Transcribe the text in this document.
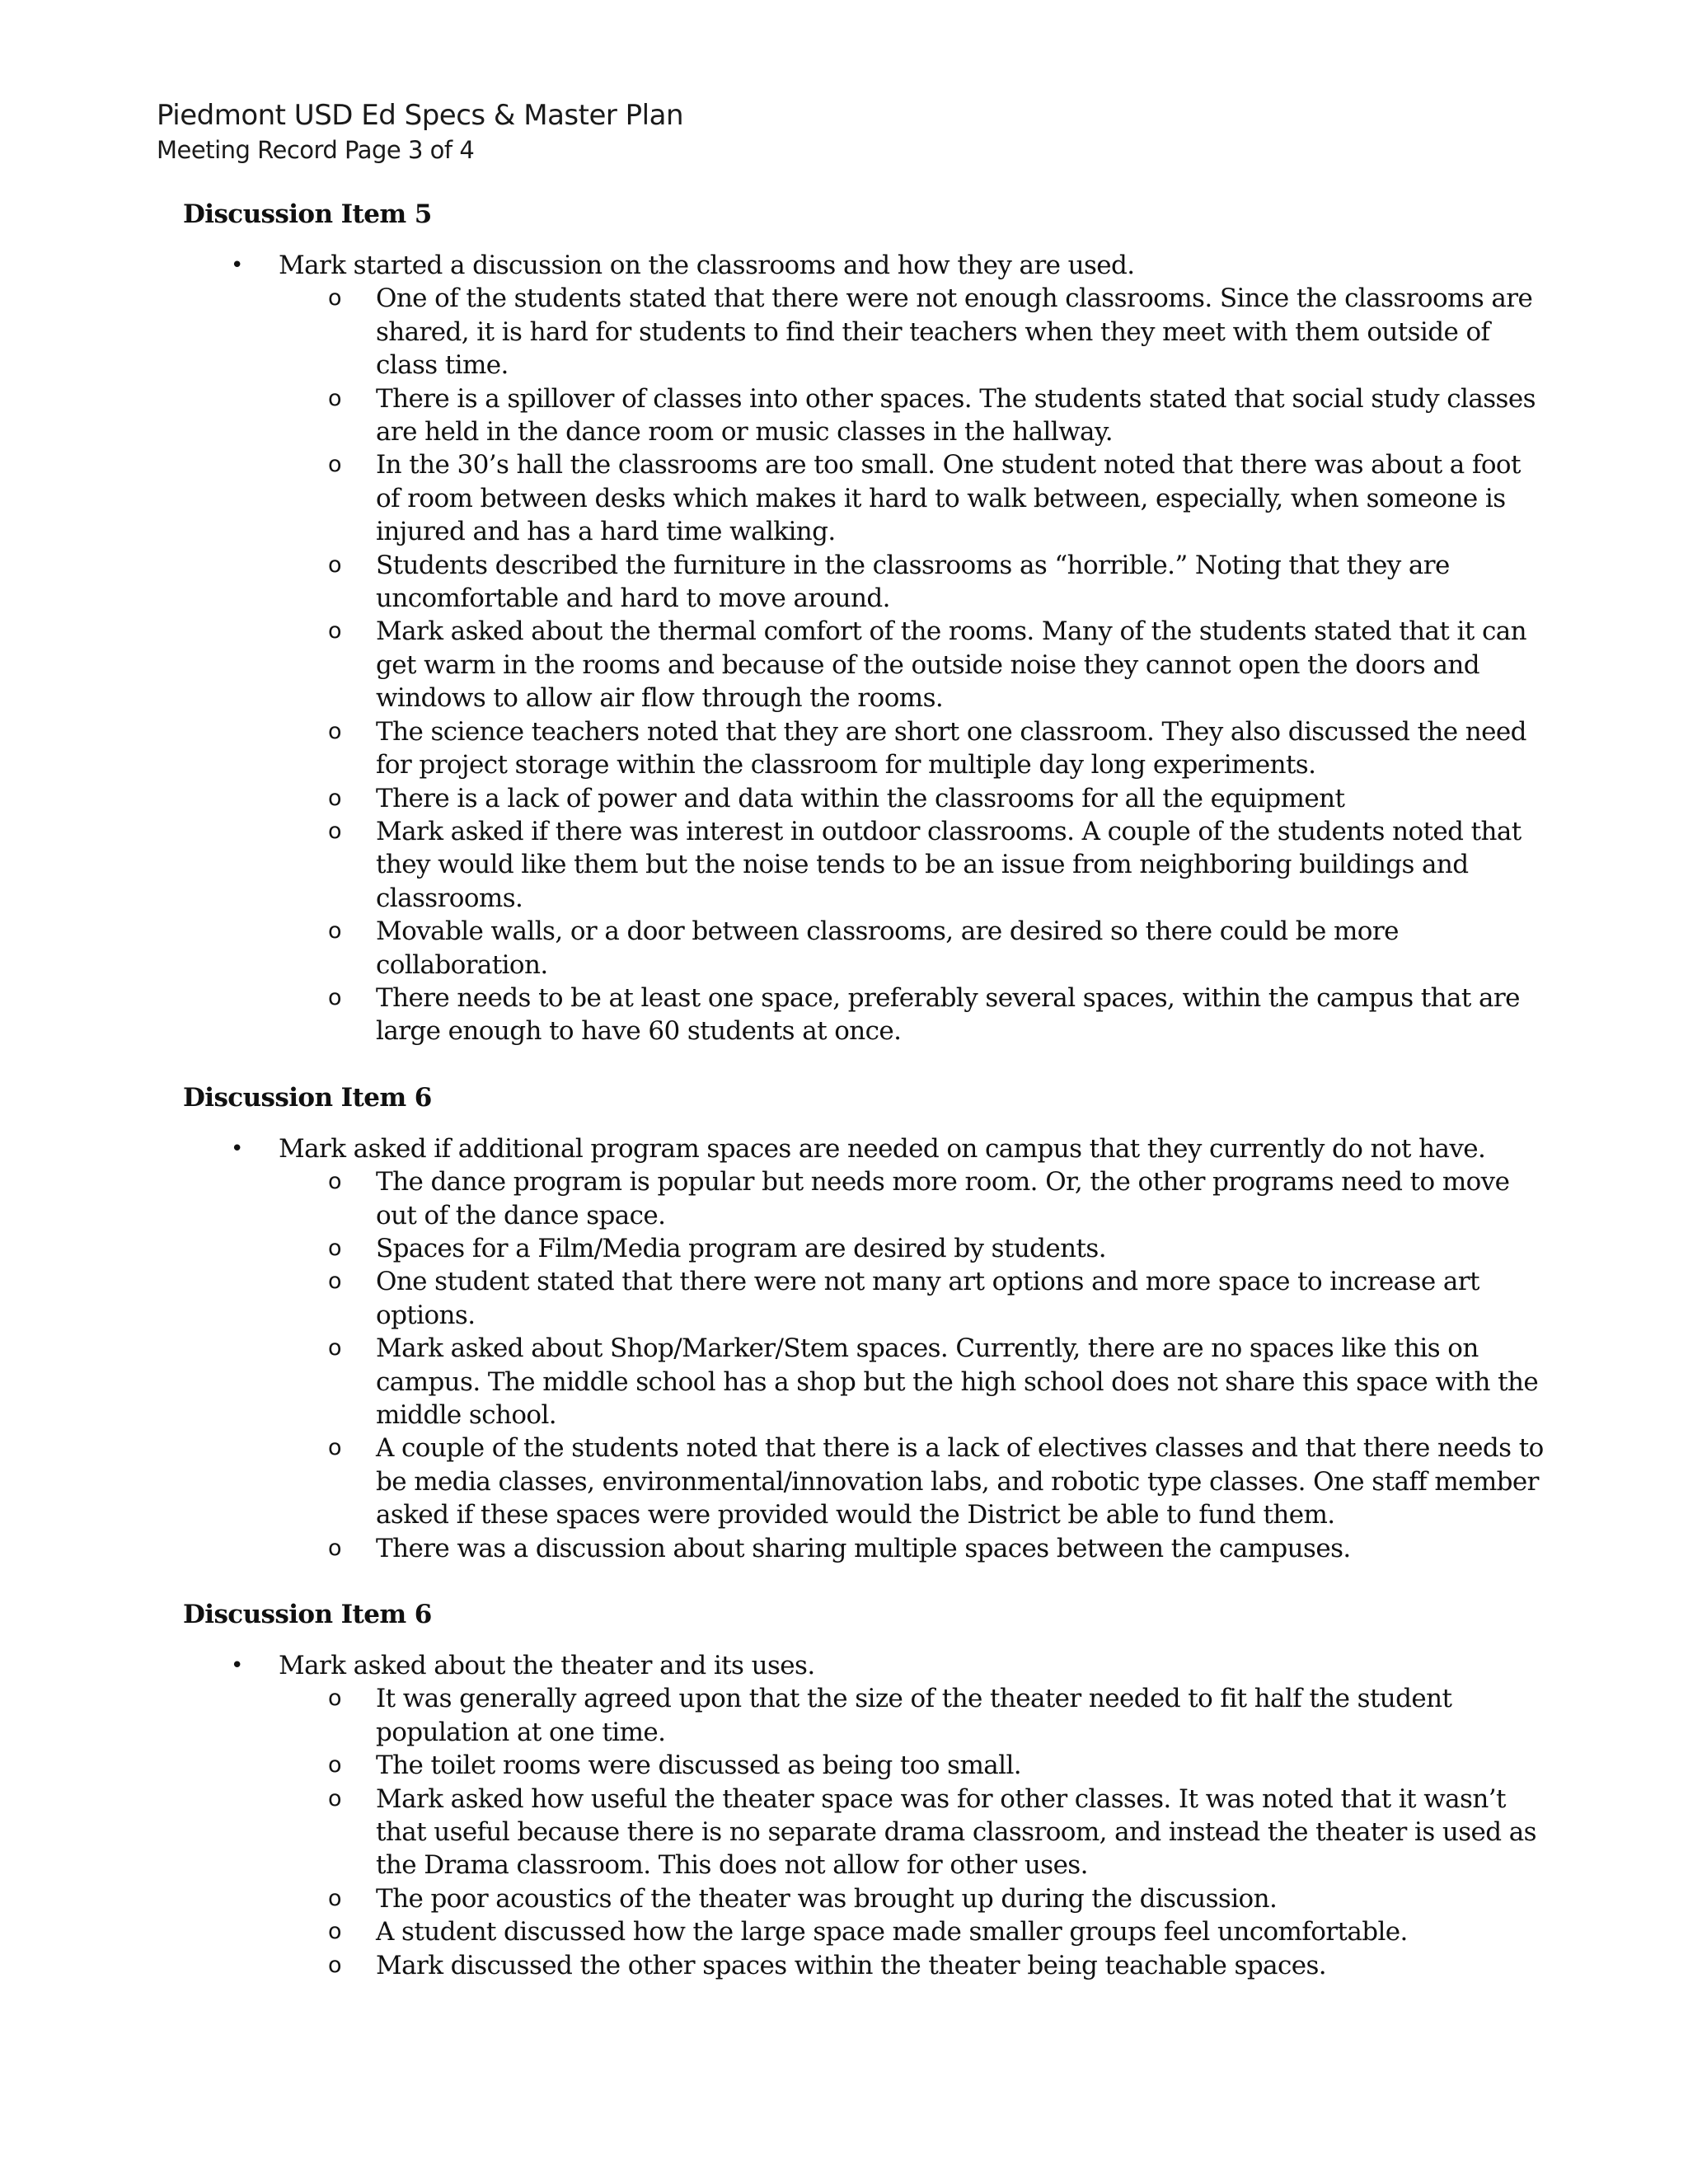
Piedmont USD Ed Specs & Master Plan
Meeting Record Page 3 of 4
Discussion Item 5
• Mark started a discussion on the classrooms and how they are used.
o One of the students stated that there were not enough classrooms. Since the classrooms are shared, it is hard for students to find their teachers when they meet with them outside of class time.
o There is a spillover of classes into other spaces. The students stated that social study classes are held in the dance room or music classes in the hallway.
o In the 30’s hall the classrooms are too small. One student noted that there was about a foot of room between desks which makes it hard to walk between, especially, when someone is injured and has a hard time walking.
o Students described the furniture in the classrooms as “horrible.” Noting that they are uncomfortable and hard to move around.
o Mark asked about the thermal comfort of the rooms. Many of the students stated that it can get warm in the rooms and because of the outside noise they cannot open the doors and windows to allow air flow through the rooms.
o The science teachers noted that they are short one classroom. They also discussed the need for project storage within the classroom for multiple day long experiments.
o There is a lack of power and data within the classrooms for all the equipment
o Mark asked if there was interest in outdoor classrooms. A couple of the students noted that they would like them but the noise tends to be an issue from neighboring buildings and classrooms.
o Movable walls, or a door between classrooms, are desired so there could be more collaboration.
o There needs to be at least one space, preferably several spaces, within the campus that are large enough to have 60 students at once.
Discussion Item 6
• Mark asked if additional program spaces are needed on campus that they currently do not have.
o The dance program is popular but needs more room. Or, the other programs need to move out of the dance space.
o Spaces for a Film/Media program are desired by students.
o One student stated that there were not many art options and more space to increase art options.
o Mark asked about Shop/Marker/Stem spaces. Currently, there are no spaces like this on campus. The middle school has a shop but the high school does not share this space with the middle school.
o A couple of the students noted that there is a lack of electives classes and that there needs to be media classes, environmental/innovation labs, and robotic type classes. One staff member asked if these spaces were provided would the District be able to fund them.
o There was a discussion about sharing multiple spaces between the campuses.
Discussion Item 6
• Mark asked about the theater and its uses.
o It was generally agreed upon that the size of the theater needed to fit half the student population at one time.
o The toilet rooms were discussed as being too small.
o Mark asked how useful the theater space was for other classes. It was noted that it wasn’t that useful because there is no separate drama classroom, and instead the theater is used as the Drama classroom. This does not allow for other uses.
o The poor acoustics of the theater was brought up during the discussion.
o A student discussed how the large space made smaller groups feel uncomfortable.
o Mark discussed the other spaces within the theater being teachable spaces.
